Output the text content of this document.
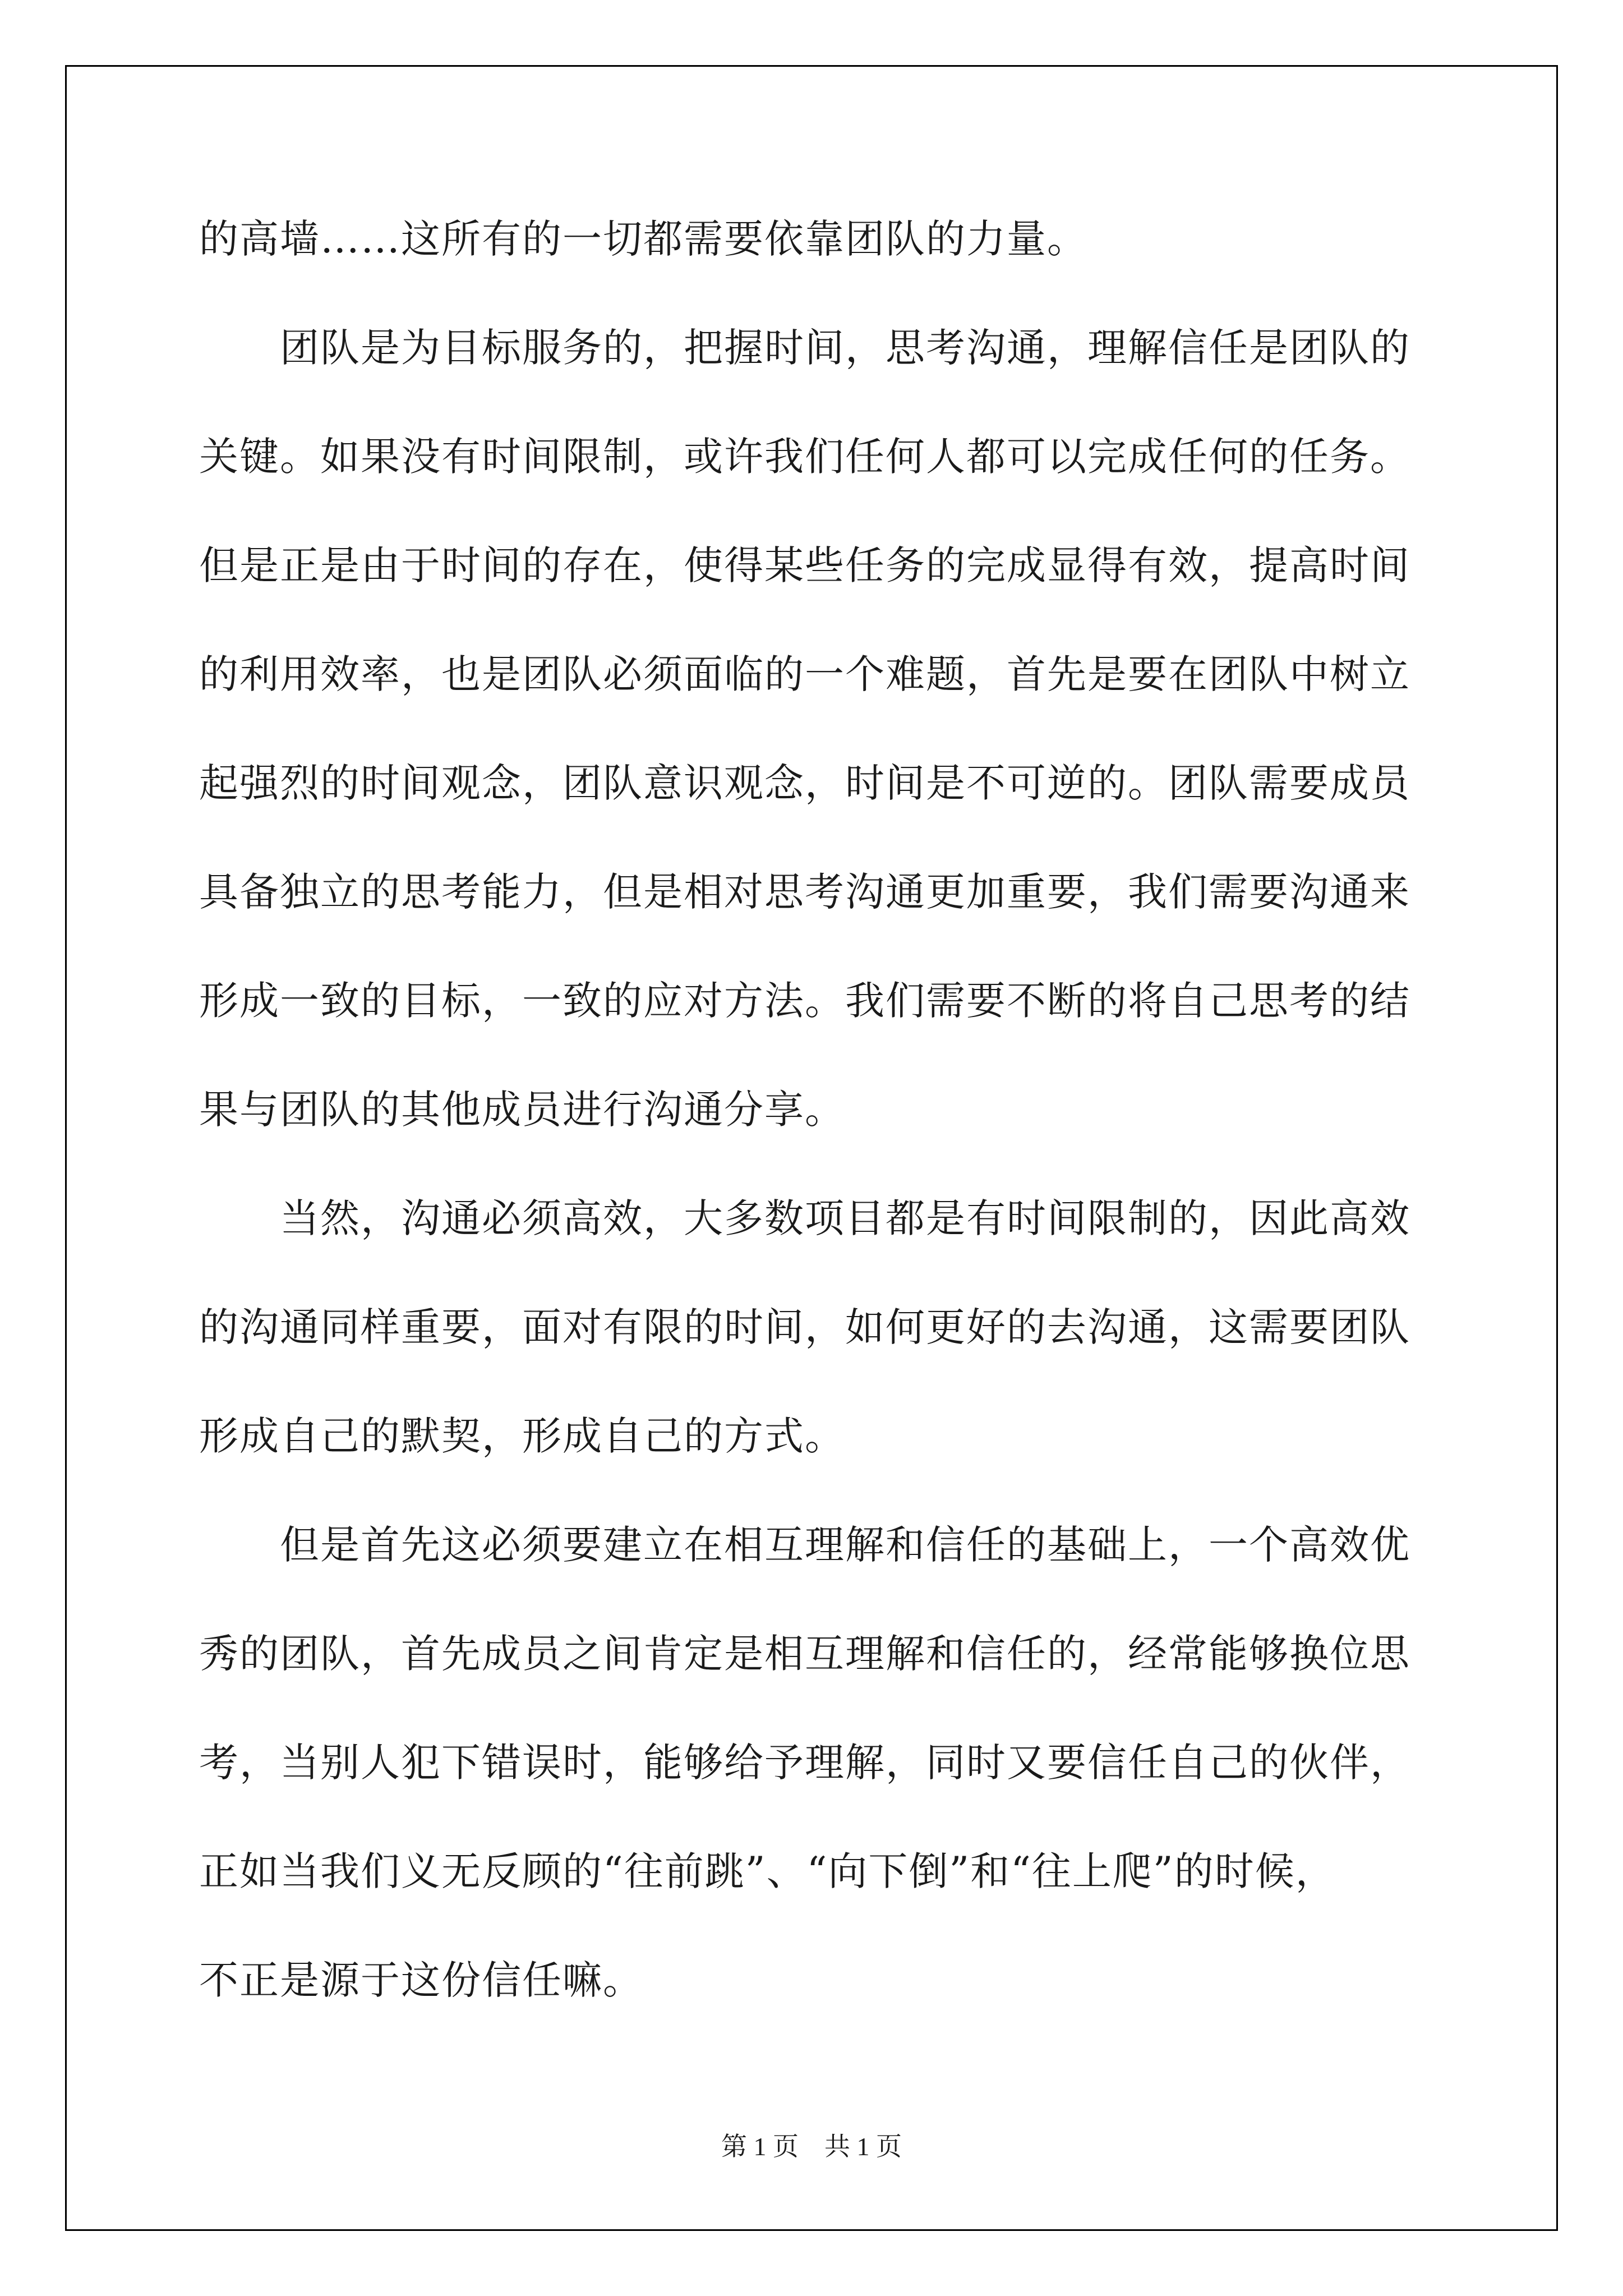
的高墙……这所有的一切都需要依靠团队的力量。
　　团队是为目标服务的，把握时间，思考沟通，理解信任是团队的
关键。如果没有时间限制，或许我们任何人都可以完成任何的任务。
但是正是由于时间的存在，使得某些任务的完成显得有效，提高时间
的利用效率，也是团队必须面临的一个难题，首先是要在团队中树立
起强烈的时间观念，团队意识观念，时间是不可逆的。团队需要成员
具备独立的思考能力，但是相对思考沟通更加重要，我们需要沟通来
形成一致的目标，一致的应对方法。我们需要不断的将自己思考的结
果与团队的其他成员进行沟通分享。
　　当然，沟通必须高效，大多数项目都是有时间限制的，因此高效
的沟通同样重要，面对有限的时间，如何更好的去沟通，这需要团队
形成自己的默契，形成自己的方式。
　　但是首先这必须要建立在相互理解和信任的基础上，一个高效优
秀的团队，首先成员之间肯定是相互理解和信任的，经常能够换位思
考，当别人犯下错误时，能够给予理解，同时又要信任自己的伙伴，
正如当我们义无反顾的“往前跳”、“向下倒”和“往上爬”的时候，
不正是源于这份信任嘛。
第 1 页　共 1 页
